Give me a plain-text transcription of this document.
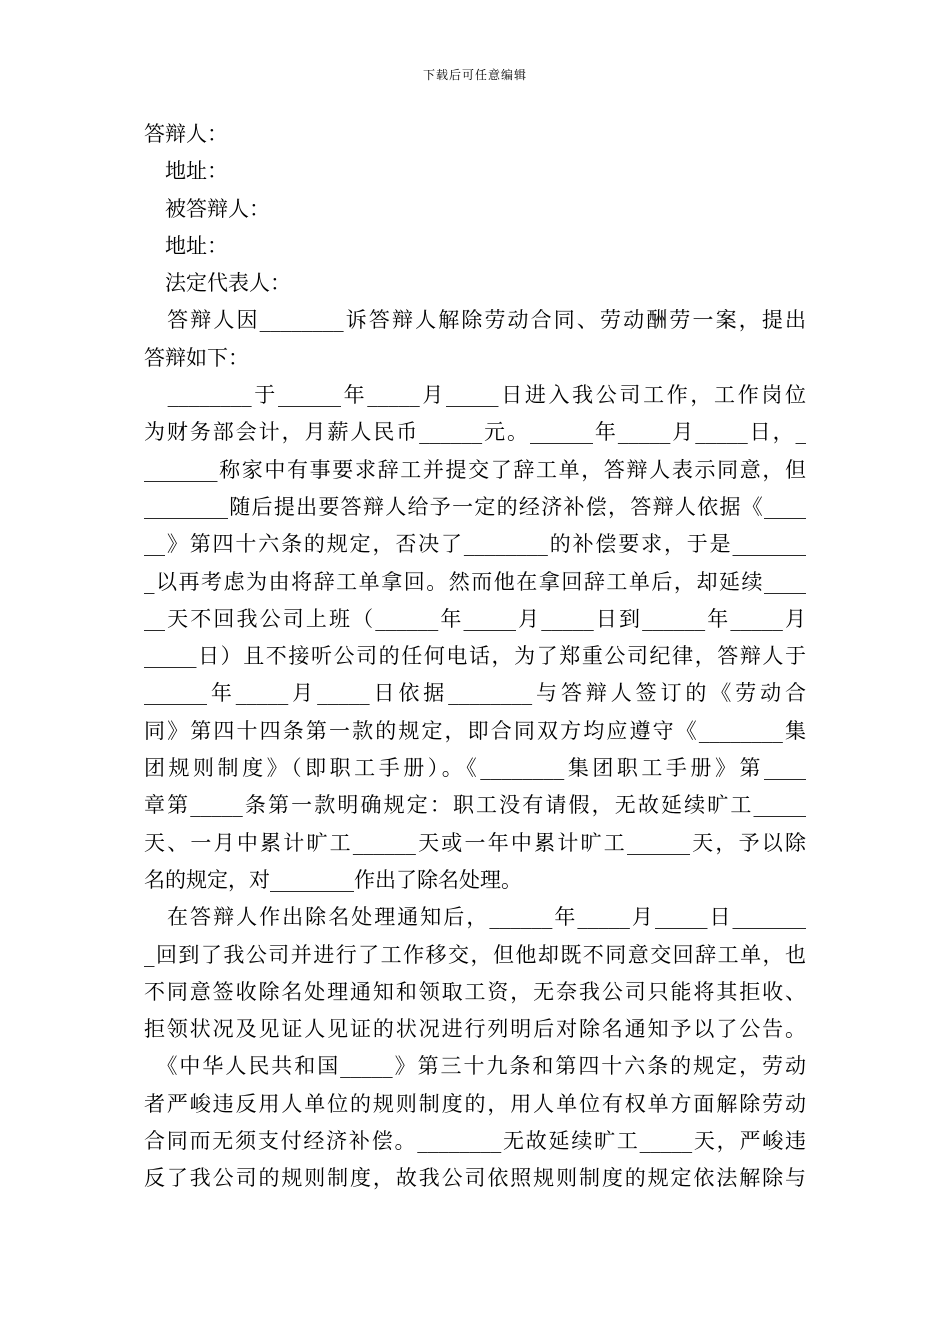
下载后可任意编辑
答辩人：
　地址：
　被答辩人：
　地址：
　法定代表人：
　答辩人因________诉答辩人解除劳动合同、劳动酬劳一案，提出
答辩如下：
　________于______年_____月_____日进入我公司工作，工作岗位
为财务部会计，月薪人民币______元。______年_____月_____日，_
_______称家中有事要求辞工并提交了辞工单，答辩人表示同意，但
________随后提出要答辩人给予一定的经济补偿，答辩人依据《____
__》第四十六条的规定，否决了________的补偿要求，于是_______
_以再考虑为由将辞工单拿回。然而他在拿回辞工单后，却延续____
__天不回我公司上班（______年_____月_____日到______年_____月
_____日）且不接听公司的任何电话，为了郑重公司纪律，答辩人于
______年_____月_____日依据________与答辩人签订的《劳动合
同》第四十四条第一款的规定，即合同双方均应遵守《________集
团规则制度》（即职工手册）。《________集团职工手册》第____
章第_____条第一款明确规定：职工没有请假，无故延续旷工_____
天、一月中累计旷工______天或一年中累计旷工______天，予以除
名的规定，对________作出了除名处理。
　在答辩人作出除名处理通知后，______年_____月_____日_______
_回到了我公司并进行了工作移交，但他却既不同意交回辞工单，也
不同意签收除名处理通知和领取工资，无奈我公司只能将其拒收、
拒领状况及见证人见证的状况进行列明后对除名通知予以了公告。
　《中华人民共和国_____》第三十九条和第四十六条的规定，劳动
者严峻违反用人单位的规则制度的，用人单位有权单方面解除劳动
合同而无须支付经济补偿。________无故延续旷工_____天，严峻违
反了我公司的规则制度，故我公司依照规则制度的规定依法解除与
